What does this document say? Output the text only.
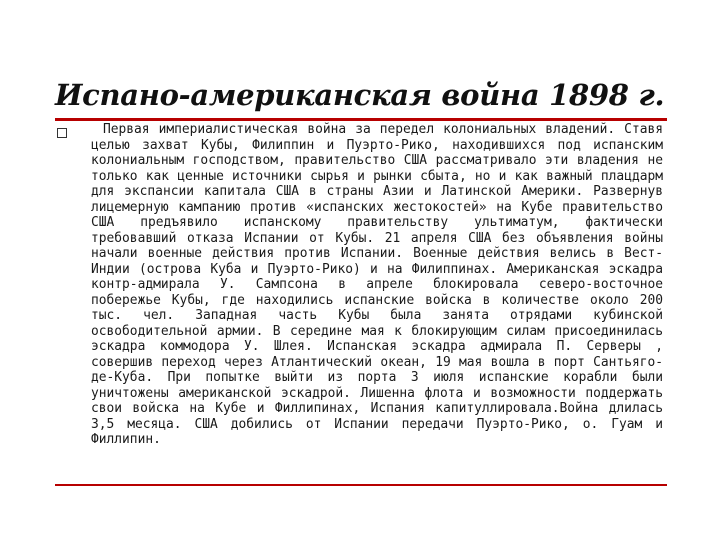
Испано-американская война 1898 г.

Первая империалистическая война за передел колониальных владений. Ставя целью захват Кубы, Филиппин и Пуэрто-Рико, находившихся под испанским колониальным господством, правительство США рассматривало эти владения не только как ценные источники сырья и рынки сбыта, но и как важный плацдарм для экспансии капитала США в страны Азии и Латинской Америки. Развернув лицемерную кампанию против «испанских жестокостей» на Кубе правительство США предъявило испанскому правительству ультиматум, фактически требовавший отказа Испании от Кубы. 21 апреля США без объявления войны начали военные действия против Испании. Военные действия велись в Вест-Индии (острова Куба и Пуэрто-Рико) и на Филиппинах. Американская эскадра контр-адмирала У. Сампсона в апреле блокировала северо-восточное побережье Кубы, где находились испанские войска в количестве около 200 тыс. чел. Западная часть Кубы была занята отрядами кубинской освободительной армии. В середине мая к блокирующим силам присоединилась эскадра коммодора У. Шлея. Испанская эскадра адмирала П. Серверы , совершив переход через Атлантический океан, 19 мая вошла в порт Сантьяго-де-Куба. При попытке выйти из порта 3 июля испанские корабли были уничтожены американской эскадрой. Лишенна флота и возможности поддержать свои войска на Кубе и Филлипинах, Испания капитуллировала.Война длилась 3,5 месяца. США добились от Испании передачи Пуэрто-Рико, о. Гуам и Филлипин.
